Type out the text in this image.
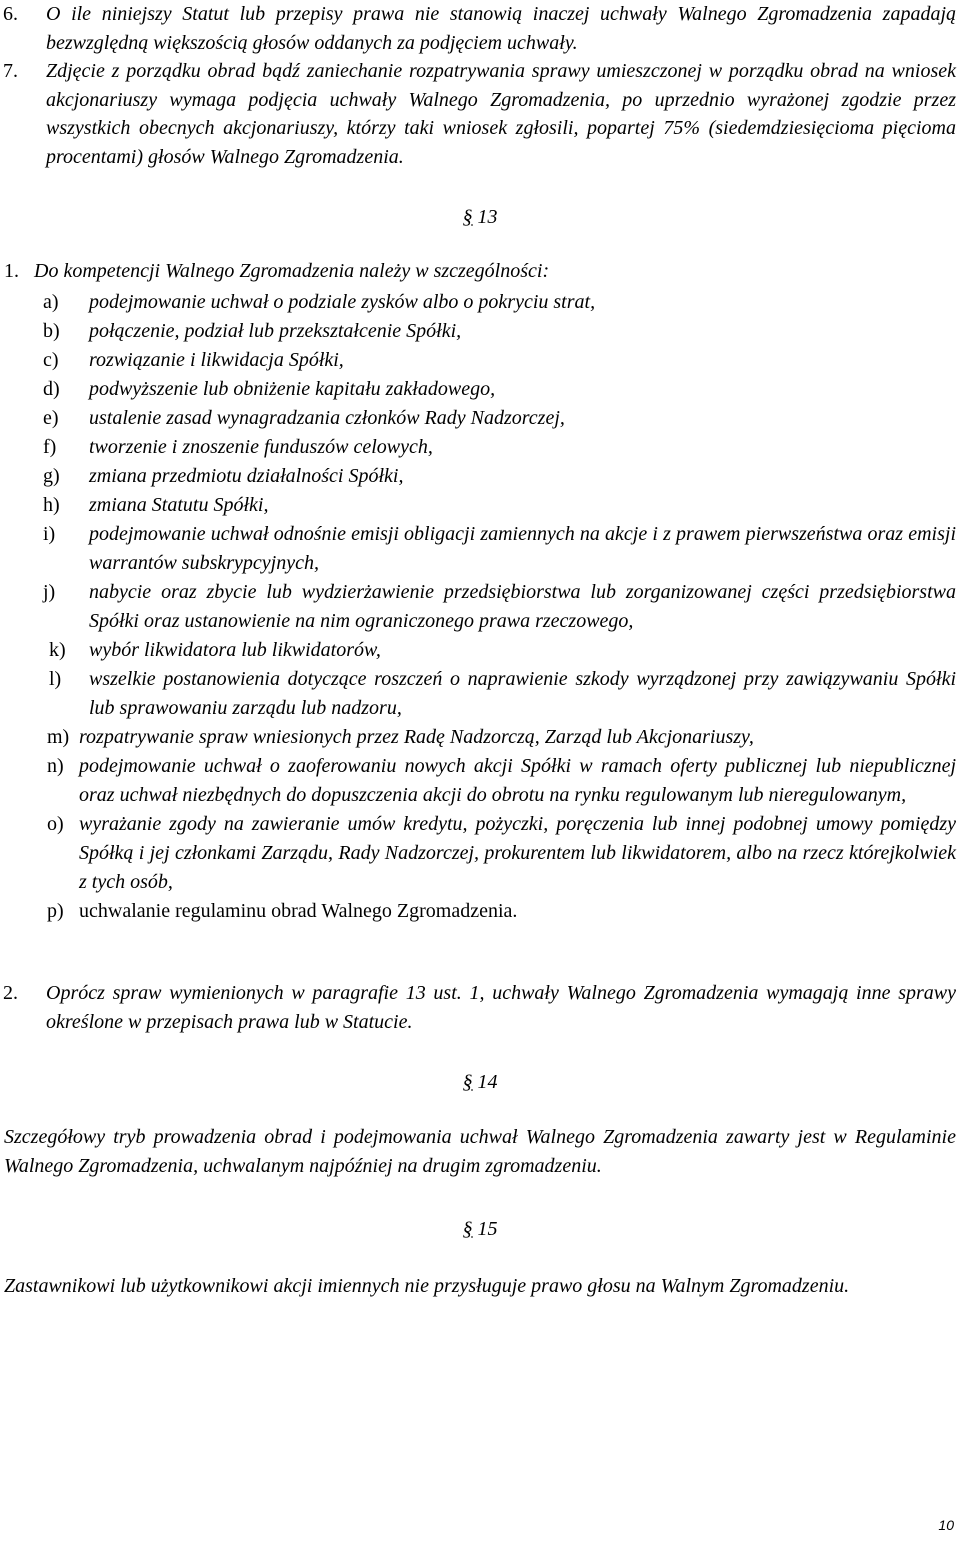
6. O ile niniejszy Statut lub przepisy prawa nie stanowią inaczej uchwały Walnego Zgromadzenia zapadają bezwzględną większością głosów oddanych za podjęciem uchwały.
7. Zdjęcie z porządku obrad bądź zaniechanie rozpatrywania sprawy umieszczonej w porządku obrad na wniosek akcjonariuszy wymaga podjęcia uchwały Walnego Zgromadzenia, po uprzednio wyrażonej zgodzie przez wszystkich obecnych akcjonariuszy, którzy taki wniosek zgłosili, popartej 75% (siedemdziesięcioma pięcioma procentami) głosów Walnego Zgromadzenia.
§ 13
1. Do kompetencji Walnego Zgromadzenia należy w szczególności:
a)	podejmowanie uchwał o podziale zysków albo o pokryciu strat,
b)	połączenie, podział lub przekształcenie Spółki,
c)	rozwiązanie i likwidacja Spółki,
d)	podwyższenie lub obniżenie kapitału zakładowego,
e)	ustalenie zasad wynagradzania członków Rady Nadzorczej,
f)	tworzenie i znoszenie funduszów celowych,
g)	zmiana przedmiotu działalności Spółki,
h)	zmiana Statutu Spółki,
i)	podejmowanie uchwał odnośnie emisji obligacji zamiennych na akcje i z prawem pierwszeństwa oraz emisji warrantów subskrypcyjnych,
j)	nabycie oraz zbycie lub wydzierżawienie przedsiębiorstwa lub zorganizowanej części przedsiębiorstwa Spółki oraz ustanowienie na nim ograniczonego prawa rzeczowego,
k)	wybór likwidatora lub likwidatorów,
l)	wszelkie postanowienia dotyczące roszczeń o naprawienie szkody wyrządzonej przy zawiązywaniu Spółki lub sprawowaniu zarządu lub nadzoru,
m) rozpatrywanie spraw wniesionych przez Radę Nadzorczą, Zarząd lub Akcjonariuszy,
n) podejmowanie uchwał o zaoferowaniu nowych akcji Spółki w ramach oferty publicznej lub niepublicznej oraz uchwał niezbędnych do dopuszczenia akcji do obrotu na rynku regulowanym lub nieregulowanym,
o) wyrażanie zgody na zawieranie umów kredytu, pożyczki, poręczenia lub innej podobnej umowy pomiędzy Spółką i jej członkami Zarządu, Rady Nadzorczej, prokurentem lub likwidatorem, albo na rzecz którejkolwiek z tych osób,
p) uchwalanie regulaminu obrad Walnego Zgromadzenia.
2. Oprócz spraw wymienionych w paragrafie 13 ust. 1, uchwały Walnego Zgromadzenia wymagają inne sprawy określone w przepisach prawa lub w Statucie.
§ 14
Szczegółowy tryb prowadzenia obrad i podejmowania uchwał Walnego Zgromadzenia zawarty jest w Regulaminie Walnego Zgromadzenia, uchwalanym najpóźniej na drugim zgromadzeniu.
§ 15
Zastawnikowi lub użytkownikowi akcji imiennych nie przysługuje prawo głosu na Walnym Zgromadzeniu.
10
